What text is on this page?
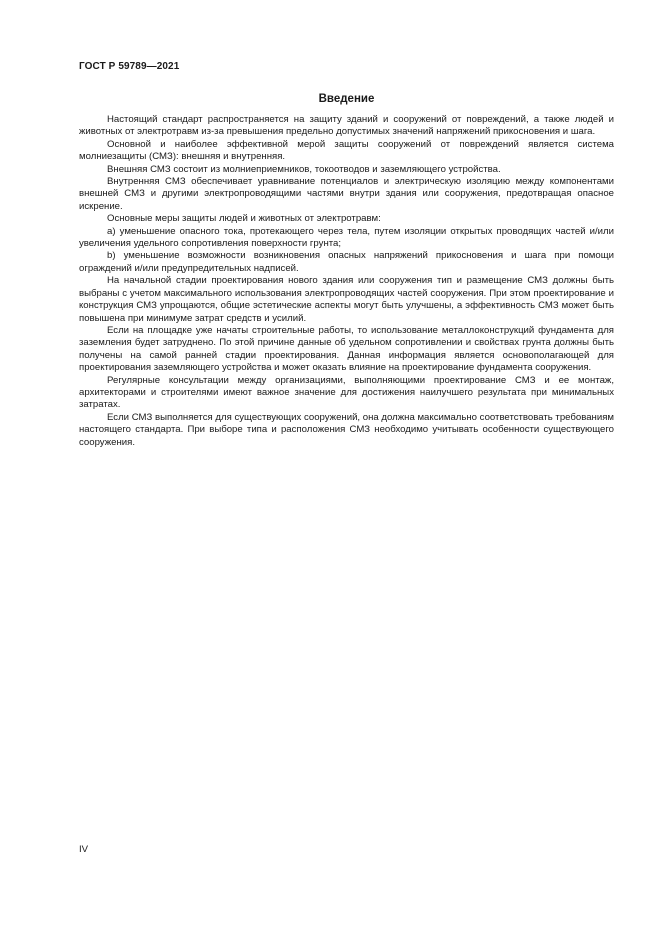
ГОСТ Р 59789—2021
Введение

Настоящий стандарт распространяется на защиту зданий и сооружений от повреждений, а также людей и животных от электротравм из-за превышения предельно допустимых значений напряжений прикосновения и шага.

Основной и наиболее эффективной мерой защиты сооружений от повреждений является система молниезащиты (СМЗ): внешняя и внутренняя.

Внешняя СМЗ состоит из молниеприемников, токоотводов и заземляющего устройства.

Внутренняя СМЗ обеспечивает уравнивание потенциалов и электрическую изоляцию между компонентами внешней СМЗ и другими электропроводящими частями внутри здания или сооружения, предотвращая опасное искрение.

Основные меры защиты людей и животных от электротравм:

a) уменьшение опасного тока, протекающего через тела, путем изоляции открытых проводящих частей и/или увеличения удельного сопротивления поверхности грунта;

b) уменьшение возможности возникновения опасных напряжений прикосновения и шага при помощи ограждений и/или предупредительных надписей.

На начальной стадии проектирования нового здания или сооружения тип и размещение СМЗ должны быть выбраны с учетом максимального использования электропроводящих частей сооружения. При этом проектирование и конструкция СМЗ упрощаются, общие эстетические аспекты могут быть улучшены, а эффективность СМЗ может быть повышена при минимуме затрат средств и усилий.

Если на площадке уже начаты строительные работы, то использование металлоконструкций фундамента для заземления будет затруднено. По этой причине данные об удельном сопротивлении и свойствах грунта должны быть получены на самой ранней стадии проектирования. Данная информация является основополагающей для проектирования заземляющего устройства и может оказать влияние на проектирование фундамента сооружения.

Регулярные консультации между организациями, выполняющими проектирование СМЗ и ее монтаж, архитекторами и строителями имеют важное значение для достижения наилучшего результата при минимальных затратах.

Если СМЗ выполняется для существующих сооружений, она должна максимально соответствовать требованиям настоящего стандарта. При выборе типа и расположения СМЗ необходимо учитывать особенности существующего сооружения.

IV
